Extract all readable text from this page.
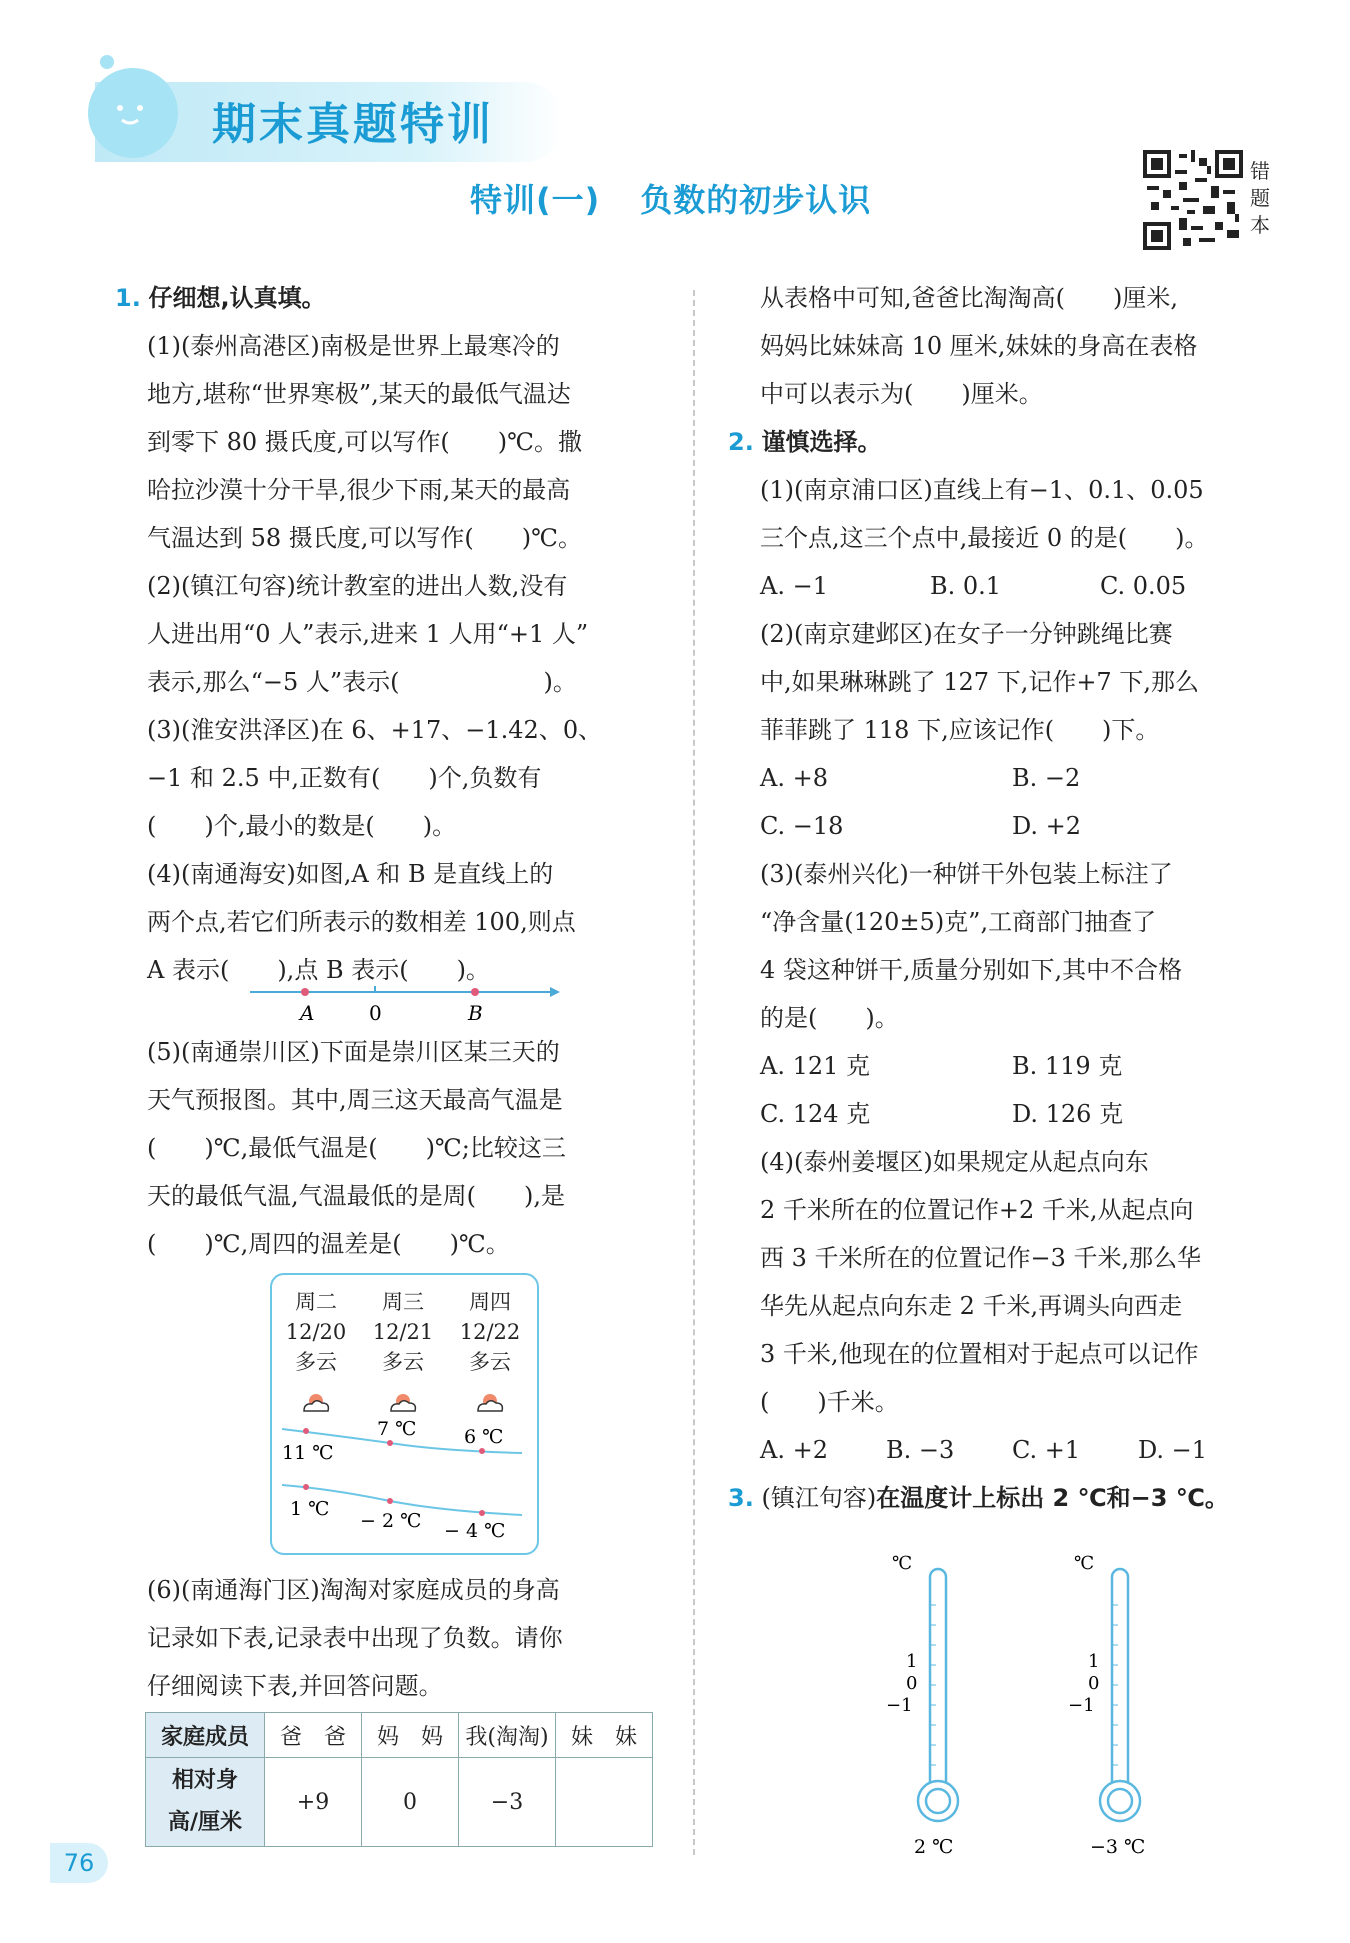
期末真题特训
特训(一) 负数的初步认识
错题本

1. 仔细想,认真填。

(1)(泰州高港区)南极是世界上最寒冷的

地方,堪称“世界寒极”,某天的最低气温达

到零下 80 摄氏度,可以写作(　　)℃。撒

哈拉沙漠十分干旱,很少下雨,某天的最高

气温达到 58 摄氏度,可以写作(　　)℃。

(2)(镇江句容)统计教室的进出人数,没有

人进出用“0 人”表示,进来 1 人用“+1 人”

表示,那么“−5 人”表示(　　　　　　)。

(3)(淮安洪泽区)在 6、+17、−1.42、0、

−1 和 2.5 中,正数有(　　)个,负数有

(　　)个,最小的数是(　　)。

(4)(南通海安)如图,A 和 B 是直线上的

两个点,若它们所表示的数相差 100,则点

A 表示(　　),点 B 表示(　　)。

A	0	B

(5)(南通崇川区)下面是崇川区某三天的

天气预报图。其中,周三这天最高气温是

(　　)℃,最低气温是(　　)℃;比较这三

天的最低气温,气温最低的是周(　　),是

(　　)℃,周四的温差是(　　)℃。

周二
12/20
多云
周三
12/21
多云
周四
12/22
多云
11 ℃
7 ℃	6 ℃
1 ℃
− 2 ℃ − 4 ℃

(6)(南通海门区)淘淘对家庭成员的身高

记录如下表,记录表中出现了负数。请你

仔细阅读下表,并回答问题。

家庭成员	爸　爸	妈　妈	我(淘淘)	妹　妹

相对身
高/厘米	+9	0	−3	

从表格中可知,爸爸比淘淘高(　　)厘米,

妈妈比妹妹高 10 厘米,妹妹的身高在表格

中可以表示为(　　)厘米。

2. 谨慎选择。

(1)(南京浦口区)直线上有−1、0.1、0.05

三个点,这三个点中,最接近 0 的是(　　)。

A. −1	B. 0.1	C. 0.05

(2)(南京建邺区)在女子一分钟跳绳比赛

中,如果琳琳跳了 127 下,记作+7 下,那么

菲菲跳了 118 下,应该记作(　　)下。

A. +8	B. −2

C. −18	D. +2

(3)(泰州兴化)一种饼干外包装上标注了

“净含量(120±5)克”,工商部门抽查了

4 袋这种饼干,质量分别如下,其中不合格

的是(　　)。

A. 121 克	B. 119 克

C. 124 克	D. 126 克

(4)(泰州姜堰区)如果规定从起点向东

2 千米所在的位置记作+2 千米,从起点向

西 3 千米所在的位置记作−3 千米,那么华

华先从起点向东走 2 千米,再调头向西走

3 千米,他现在的位置相对于起点可以记作

(　　)千米。

A. +2	B. −3	C. +1	D. −1

3. (镇江句容)在温度计上标出 2 ℃和−3 ℃。

℃
1
0
−1
2 ℃
℃
1
0
−1
−3 ℃
76
